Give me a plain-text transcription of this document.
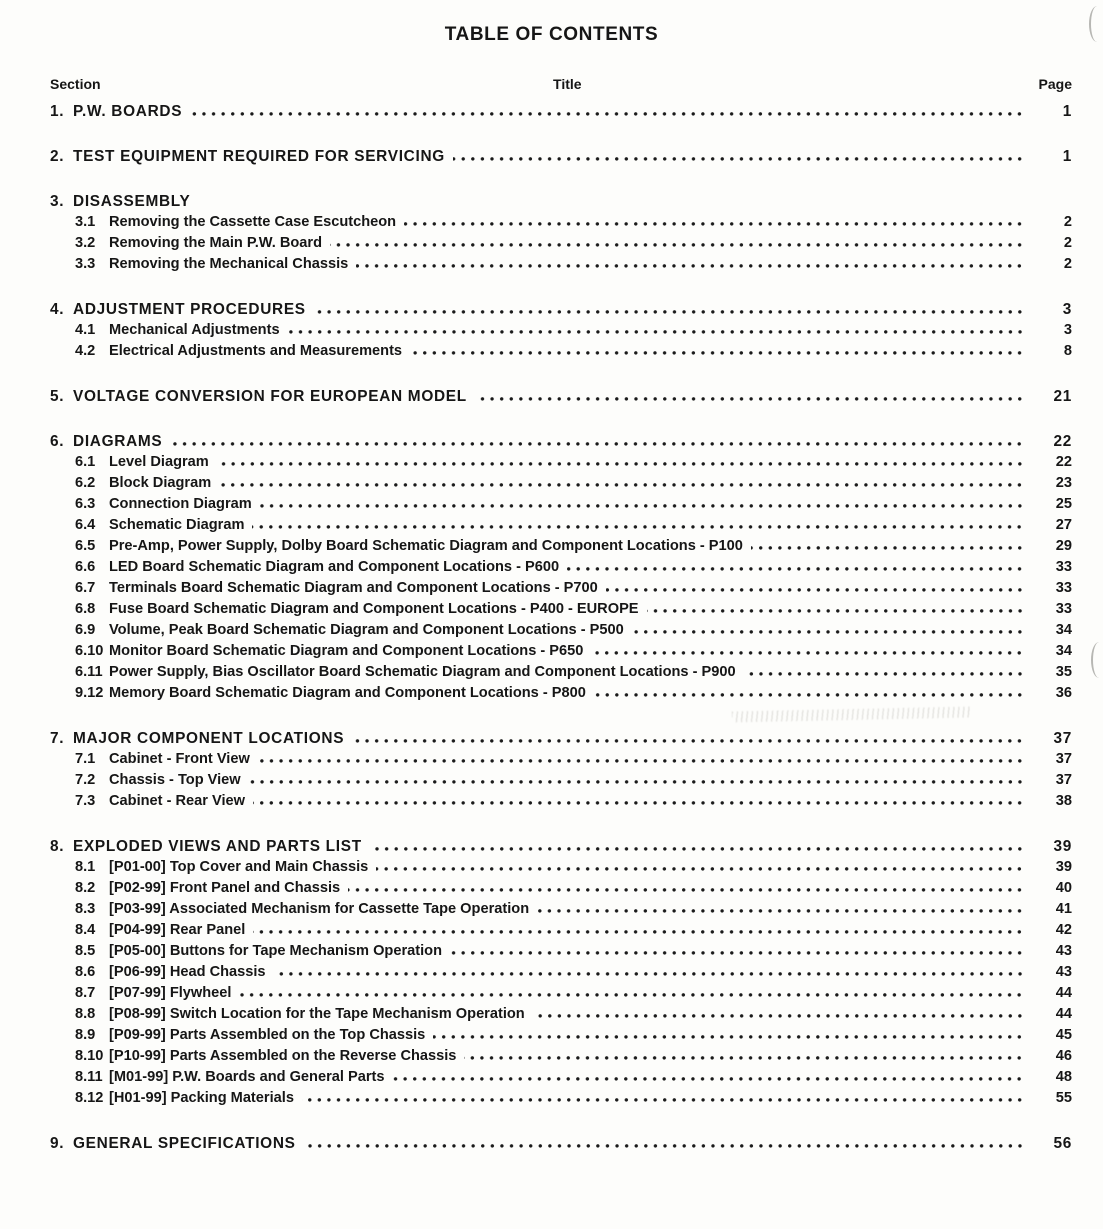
TABLE OF CONTENTS
Section	Title	Page
1. P.W. BOARDS	1
2. TEST EQUIPMENT REQUIRED FOR SERVICING	1
3. DISASSEMBLY
3.1 Removing the Cassette Case Escutcheon	2
3.2 Removing the Main P.W. Board	2
3.3 Removing the Mechanical Chassis	2
4. ADJUSTMENT PROCEDURES	3
4.1 Mechanical Adjustments	3
4.2 Electrical Adjustments and Measurements	8
5. VOLTAGE CONVERSION FOR EUROPEAN MODEL	21
6. DIAGRAMS	22
6.1 Level Diagram	22
6.2 Block Diagram	23
6.3 Connection Diagram	25
6.4 Schematic Diagram	27
6.5 Pre-Amp, Power Supply, Dolby Board Schematic Diagram and Component Locations - P100	29
6.6 LED Board Schematic Diagram and Component Locations - P600	33
6.7 Terminals Board Schematic Diagram and Component Locations - P700	33
6.8 Fuse Board Schematic Diagram and Component Locations - P400 - EUROPE	33
6.9 Volume, Peak Board Schematic Diagram and Component Locations - P500	34
6.10 Monitor Board Schematic Diagram and Component Locations - P650	34
6.11 Power Supply, Bias Oscillator Board Schematic Diagram and Component Locations - P900	35
9.12 Memory Board Schematic Diagram and Component Locations - P800	36
7. MAJOR COMPONENT LOCATIONS	37
7.1 Cabinet - Front View	37
7.2 Chassis - Top View	37
7.3 Cabinet - Rear View	38
8. EXPLODED VIEWS AND PARTS LIST	39
8.1 [P01-00] Top Cover and Main Chassis	39
8.2 [P02-99] Front Panel and Chassis	40
8.3 [P03-99] Associated Mechanism for Cassette Tape Operation	41
8.4 [P04-99] Rear Panel	42
8.5 [P05-00] Buttons for Tape Mechanism Operation	43
8.6 [P06-99] Head Chassis	43
8.7 [P07-99] Flywheel	44
8.8 [P08-99] Switch Location for the Tape Mechanism Operation	44
8.9 [P09-99] Parts Assembled on the Top Chassis	45
8.10 [P10-99] Parts Assembled on the Reverse Chassis	46
8.11 [M01-99] P.W. Boards and General Parts	48
8.12 [H01-99] Packing Materials	55
9. GENERAL SPECIFICATIONS	56
